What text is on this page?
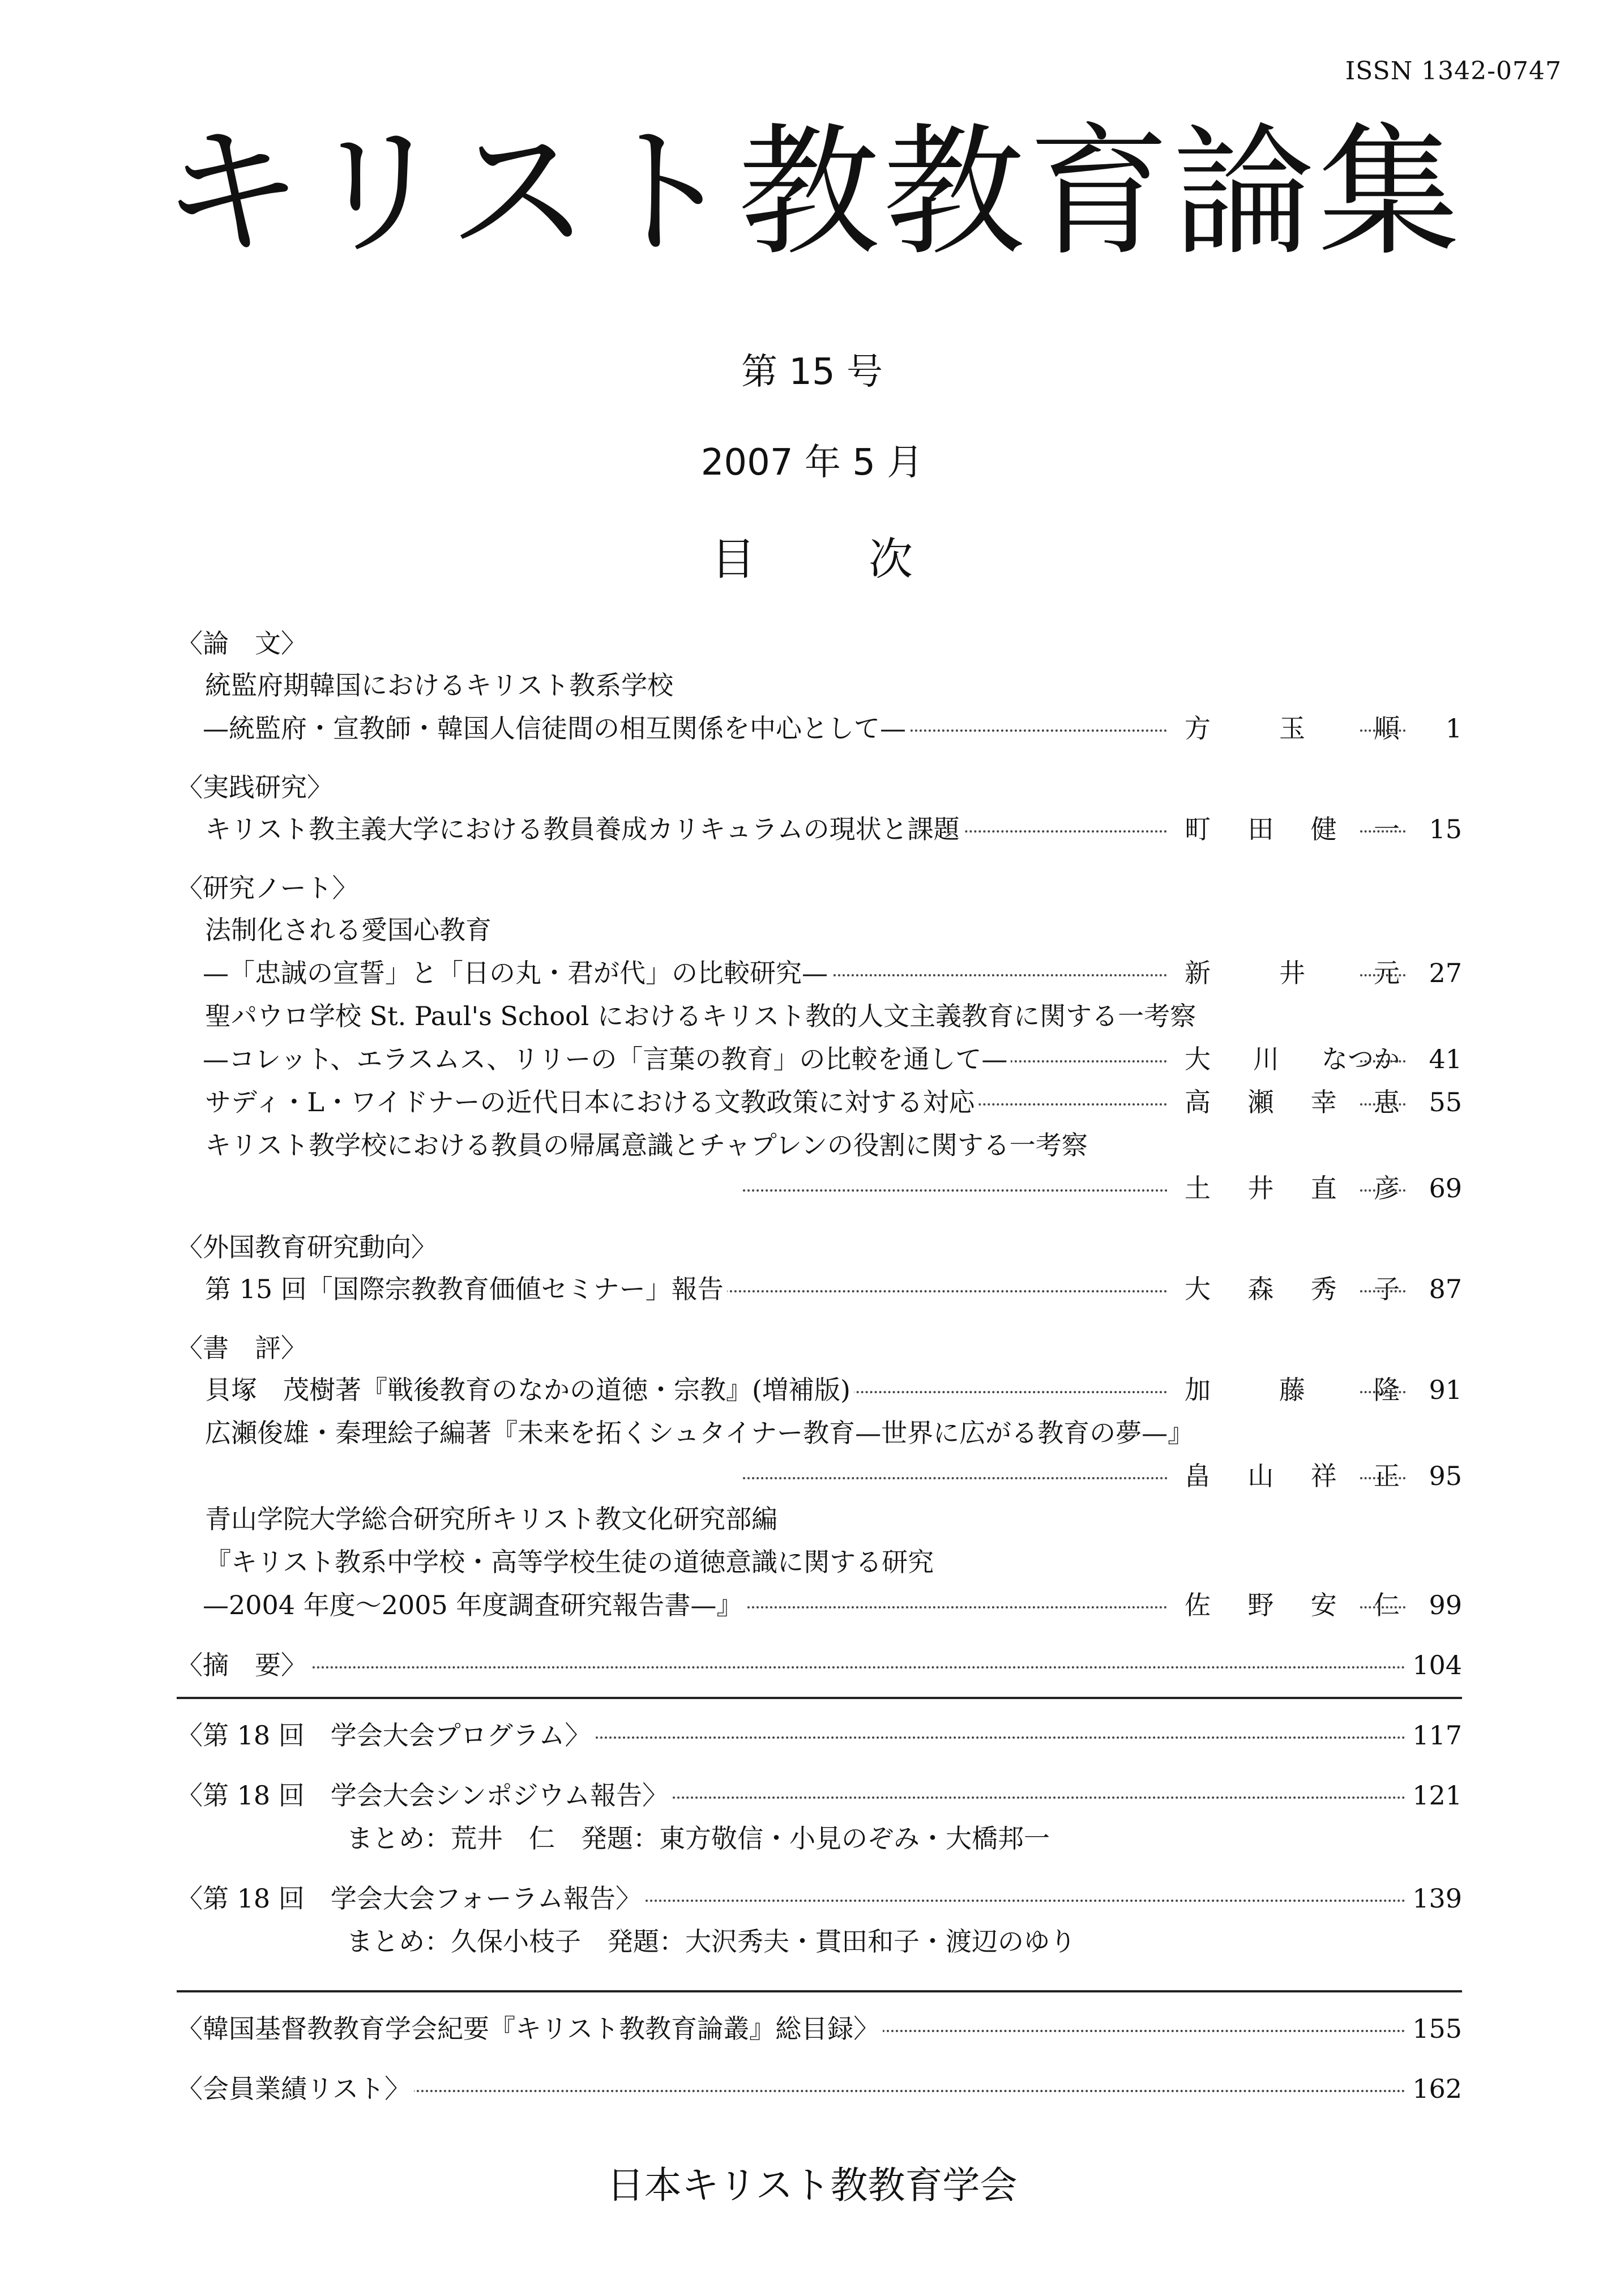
ISSN 1342-0747
キリスト教教育論集
第 15 号
2007 年 5 月
目次
〈論　文〉
統監府期韓国におけるキリスト教系学校
　—統監府・宣教師・韓国人信徒間の相互関係を中心として—	方	玉	順	1
〈実践研究〉
キリスト教主義大学における教員養成カリキュラムの現状と課題	町 田 健 一	15
〈研究ノート〉
法制化される愛国心教育
　—「忠誠の宣誓」と「日の丸・君が代」の比較研究—	新	井	元	27
聖パウロ学校 St. Paul's School におけるキリスト教的人文主義教育に関する一考察
　—コレット、エラスムス、リリーの「言葉の教育」の比較を通して—	大 川 なつか	41
サディ・L・ワイドナーの近代日本における文教政策に対する対応	高 瀬 幸 恵	55
キリスト教学校における教員の帰属意識とチャプレンの役割に関する一考察
土 井 直 彦	69
〈外国教育研究動向〉
第 15 回「国際宗教教育価値セミナー」報告	大 森 秀 子	87
〈書　評〉
貝塚　茂樹著『戦後教育のなかの道徳・宗教』(増補版)	加	藤	隆	91
広瀬俊雄・秦理絵子編著『未来を拓くシュタイナー教育—世界に広がる教育の夢—』
畠 山 祥 正	95
青山学院大学総合研究所キリスト教文化研究部編
『キリスト教系中学校・高等学校生徒の道徳意識に関する研究
　—2004 年度〜2005 年度調査研究報告書—』	佐 野 安 仁	99
〈摘　要〉	104
〈第 18 回　学会大会プログラム〉	117
〈第 18 回　学会大会シンポジウム報告〉	121
まとめ：荒井　仁　発題：東方敬信・小見のぞみ・大橋邦一
〈第 18 回　学会大会フォーラム報告〉	139
まとめ：久保小枝子　発題：大沢秀夫・貫田和子・渡辺のゆり
〈韓国基督教教育学会紀要『キリスト教教育論叢』総目録〉	155
〈会員業績リスト〉	162
日本キリスト教教育学会
